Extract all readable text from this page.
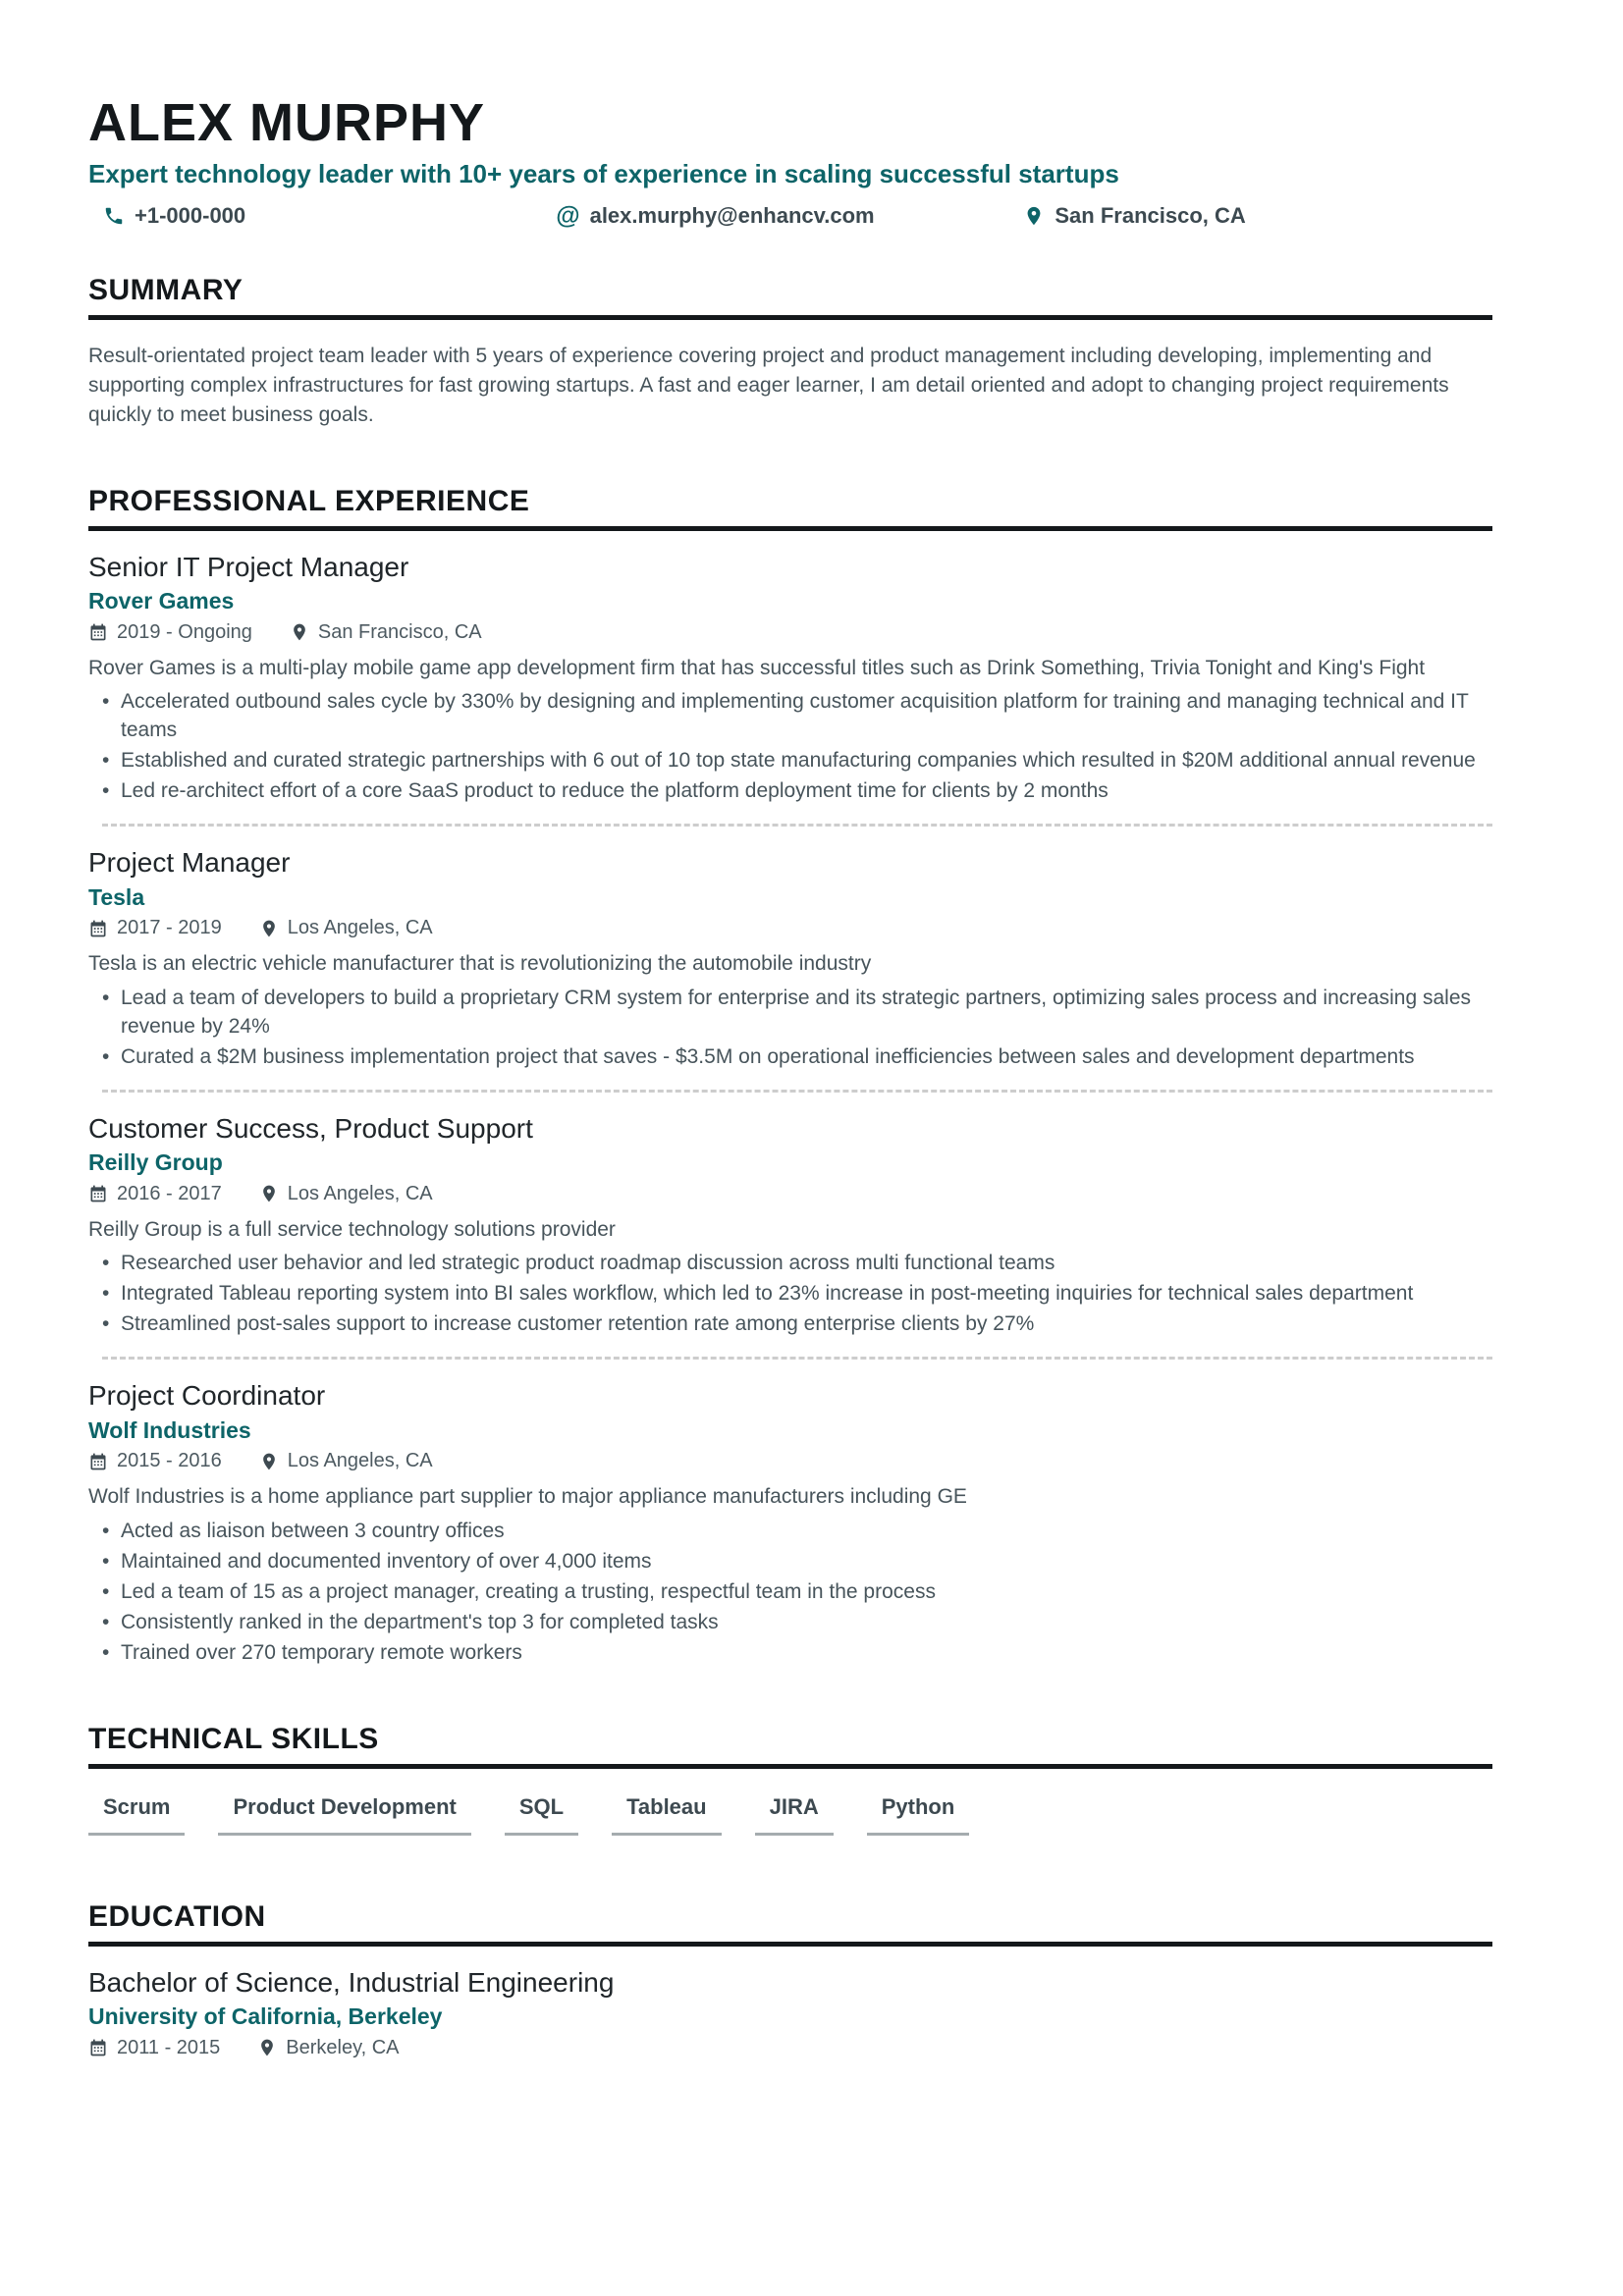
ALEX MURPHY
Expert technology leader with 10+ years of experience in scaling successful startups
+1-000-000	@ alex.murphy@enhancv.com	San Francisco, CA
SUMMARY

Result-orientated project team leader with 5 years of experience covering project and product management including developing, implementing and supporting complex infrastructures for fast growing startups. A fast and eager learner, I am detail oriented and adopt to changing project requirements quickly to meet business goals.

PROFESSIONAL EXPERIENCE
Senior IT Project Manager
Rover Games
2019 - Ongoing	San Francisco, CA

Rover Games is a multi-play mobile game app development firm that has successful titles such as Drink Something, Trivia Tonight and King's Fight

• Accelerated outbound sales cycle by 330% by designing and implementing customer acquisition platform for training and managing technical and IT teams
• Established and curated strategic partnerships with 6 out of 10 top state manufacturing companies which resulted in $20M additional annual revenue
• Led re-architect effort of a core SaaS product to reduce the platform deployment time for clients by 2 months
Project Manager
Tesla
2017 - 2019	Los Angeles, CA

Tesla is an electric vehicle manufacturer that is revolutionizing the automobile industry

• Lead a team of developers to build a proprietary CRM system for enterprise and its strategic partners, optimizing sales process and increasing sales revenue by 24%
• Curated a $2M business implementation project that saves - $3.5M on operational inefficiencies between sales and development departments
Customer Success, Product Support
Reilly Group
2016 - 2017	Los Angeles, CA

Reilly Group is a full service technology solutions provider

• Researched user behavior and led strategic product roadmap discussion across multi functional teams
• Integrated Tableau reporting system into BI sales workflow, which led to 23% increase in post-meeting inquiries for technical sales department
• Streamlined post-sales support to increase customer retention rate among enterprise clients by 27%
Project Coordinator
Wolf Industries
2015 - 2016	Los Angeles, CA

Wolf Industries is a home appliance part supplier to major appliance manufacturers including GE

• Acted as liaison between 3 country offices
• Maintained and documented inventory of over 4,000 items
• Led a team of 15 as a project manager, creating a trusting, respectful team in the process
• Consistently ranked in the department's top 3 for completed tasks
• Trained over 270 temporary remote workers
TECHNICAL SKILLS
Scrum	Product Development	SQL	Tableau	JIRA	Python
EDUCATION
Bachelor of Science, Industrial Engineering
University of California, Berkeley
2011 - 2015	Berkeley, CA
